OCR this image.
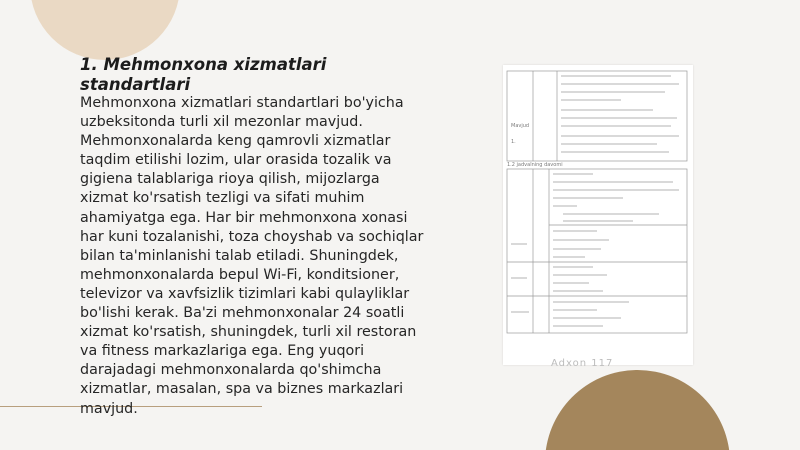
1. Mehmonxona xizmatlari standartlari

Mehmonxona xizmatlari standartlari bo'yicha uzbeksitonda turli xil mezonlar mavjud. Mehmonxonalarda keng qamrovli xizmatlar taqdim etilishi lozim, ular orasida tozalik va gigiena talablariga rioya qilish, mijozlarga xizmat ko'rsatish tezligi va sifati muhim ahamiyatga ega. Har bir mehmonxona xonasi har kuni tozalanishi, toza choyshab va sochiqlar bilan ta'minlanishi talab etiladi. Shuningdek, mehmonxonalarda bepul Wi-Fi, konditsioner, televizor va xavfsizlik tizimlari kabi qulayliklar bo'lishi kerak. Ba'zi mehmonxonalar 24 soatli xizmat ko'rsatish, shuningdek, turli xil restoran va fitness markazlariga ega. Eng yuqori darajadagi mehmonxonalarda qo'shimcha xizmatlar, masalan, spa va biznes markazlari mavjud.

Mavjud
1.
1.2 jadvalning davomi
Adxon 117
